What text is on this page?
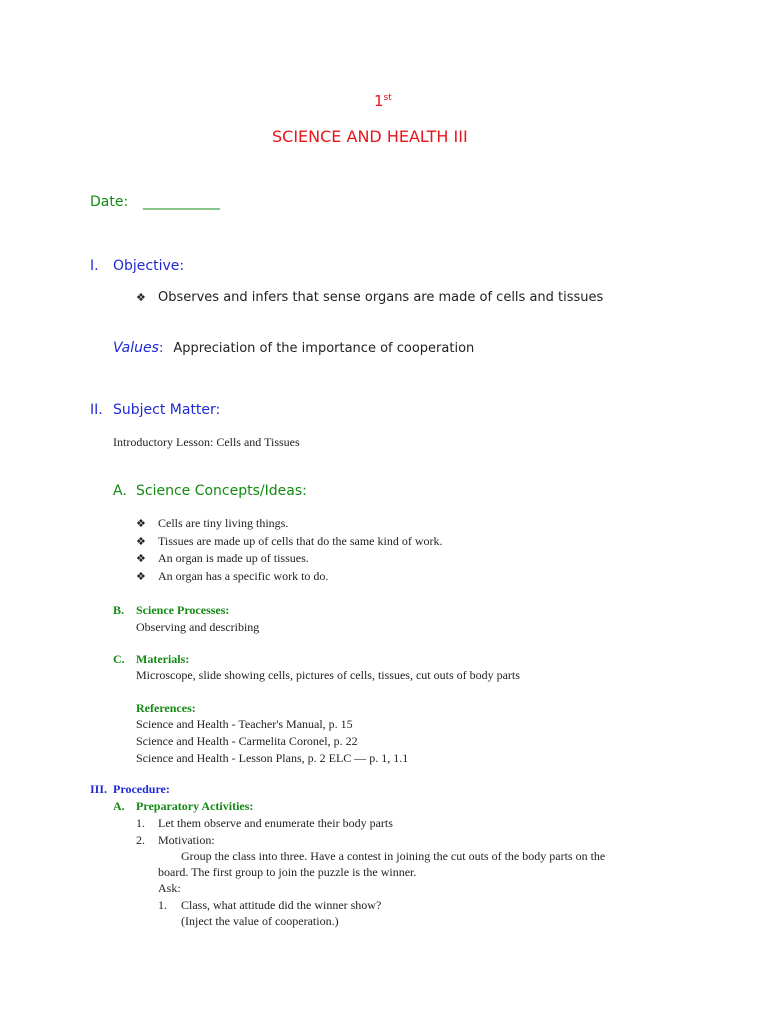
1st
SCIENCE AND HEALTH III
Date: ___________
I. Objective:
❖ Observes and infers that sense organs are made of cells and tissues
Values: Appreciation of the importance of cooperation
II. Subject Matter:
Introductory Lesson: Cells and Tissues
A. Science Concepts/Ideas:
❖ Cells are tiny living things.
❖ Tissues are made up of cells that do the same kind of work.
❖ An organ is made up of tissues.
❖ An organ has a specific work to do.
B. Science Processes:
Observing and describing
C. Materials:
Microscope, slide showing cells, pictures of cells, tissues, cut outs of body parts
References:
Science and Health - Teacher's Manual, p. 15
Science and Health - Carmelita Coronel, p. 22
Science and Health - Lesson Plans, p. 2 ELC — p. 1, 1.1
III. Procedure:
A. Preparatory Activities:
1. Let them observe and enumerate their body parts
2. Motivation:
Group the class into three. Have a contest in joining the cut outs of the body parts on the
board. The first group to join the puzzle is the winner.
Ask:
1. Class, what attitude did the winner show?
(Inject the value of cooperation.)
